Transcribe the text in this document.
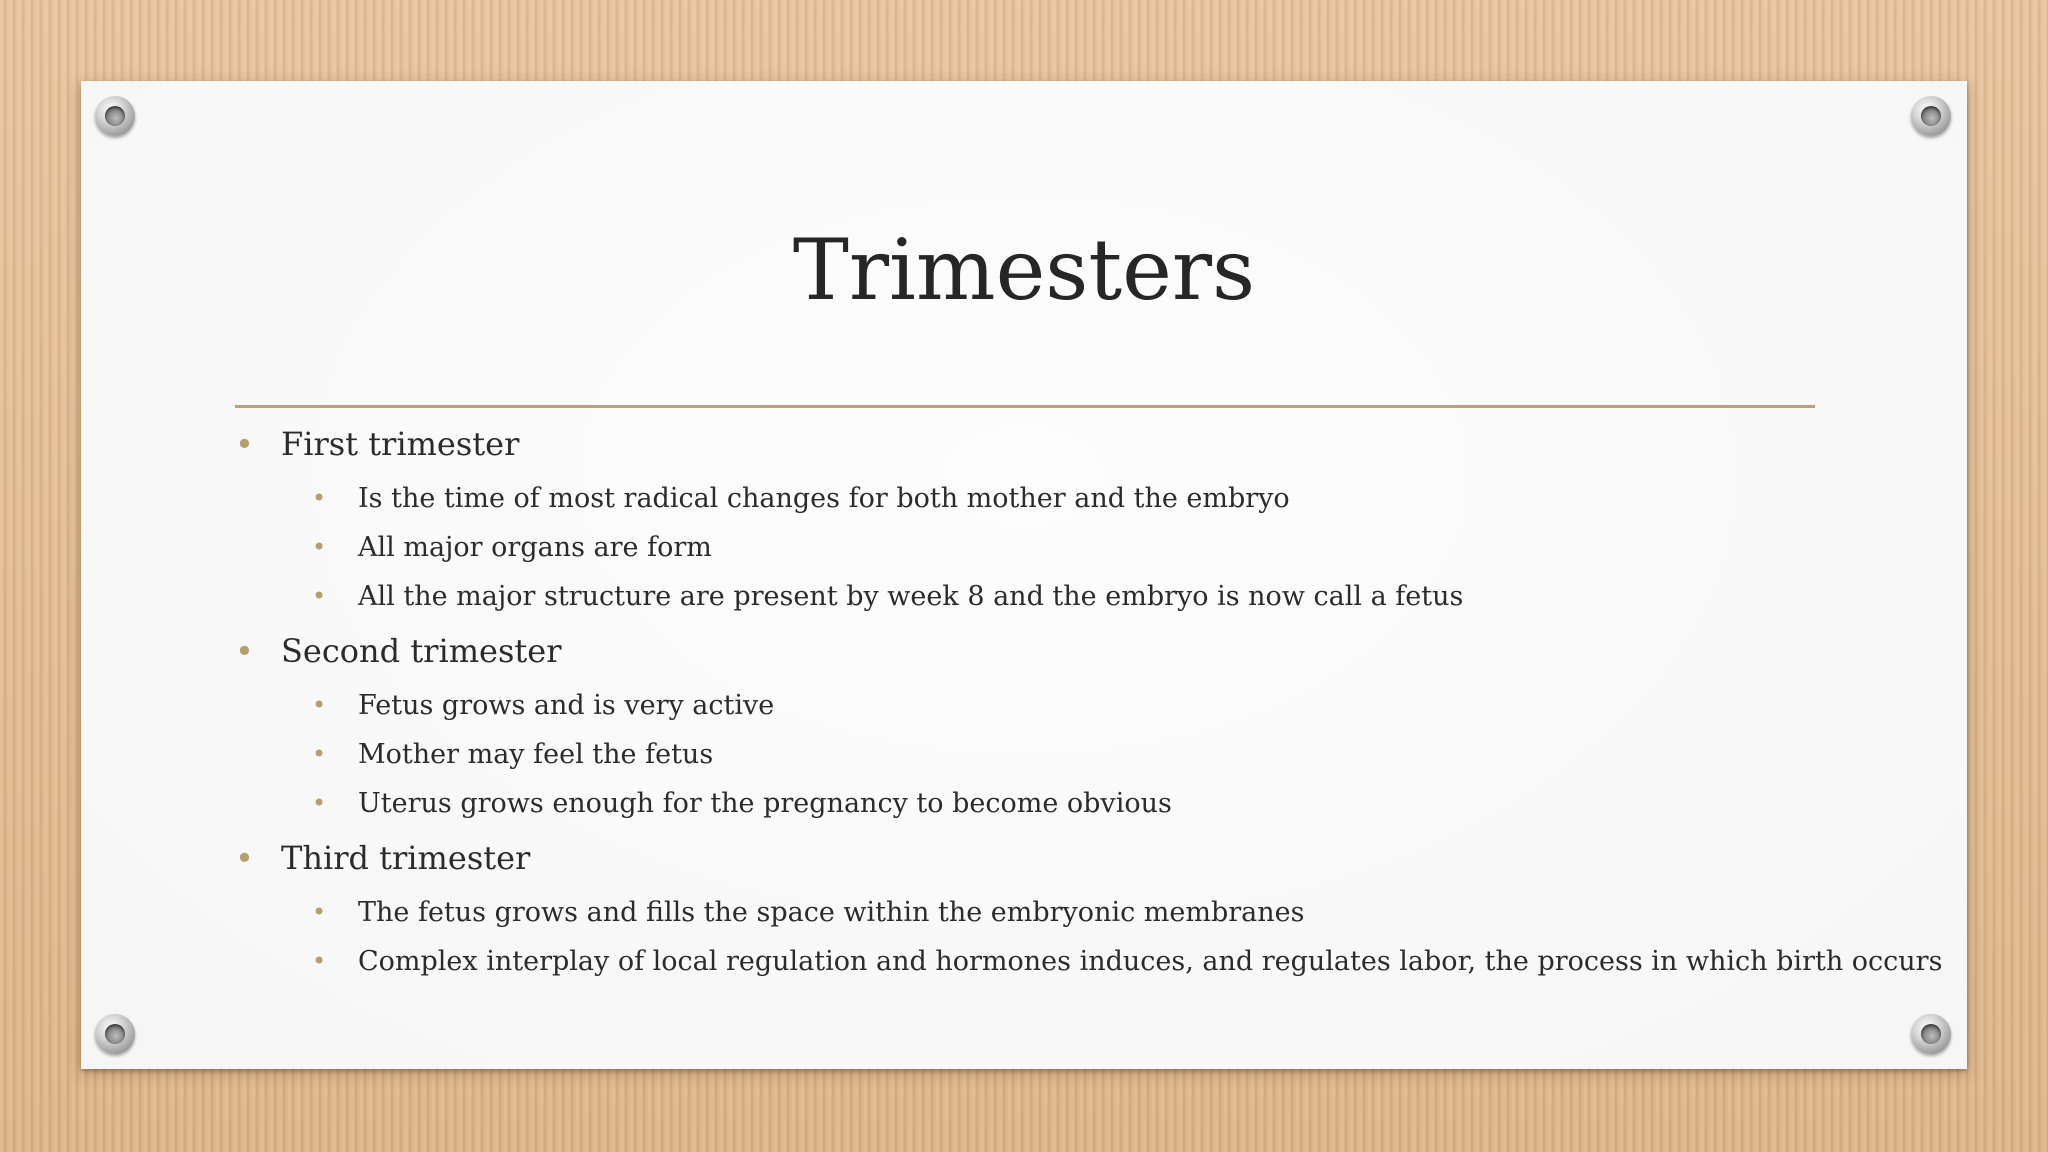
Trimesters
• First trimester
• Is the time of most radical changes for both mother and the embryo
• All major organs are form
• All the major structure are present by week 8 and the embryo is now call a fetus
• Second trimester
• Fetus grows and is very active
• Mother may feel the fetus
• Uterus grows enough for the pregnancy to become obvious
• Third trimester
• The fetus grows and fills the space within the embryonic membranes
• Complex interplay of local regulation and hormones induces, and regulates labor, the process in which birth occurs
